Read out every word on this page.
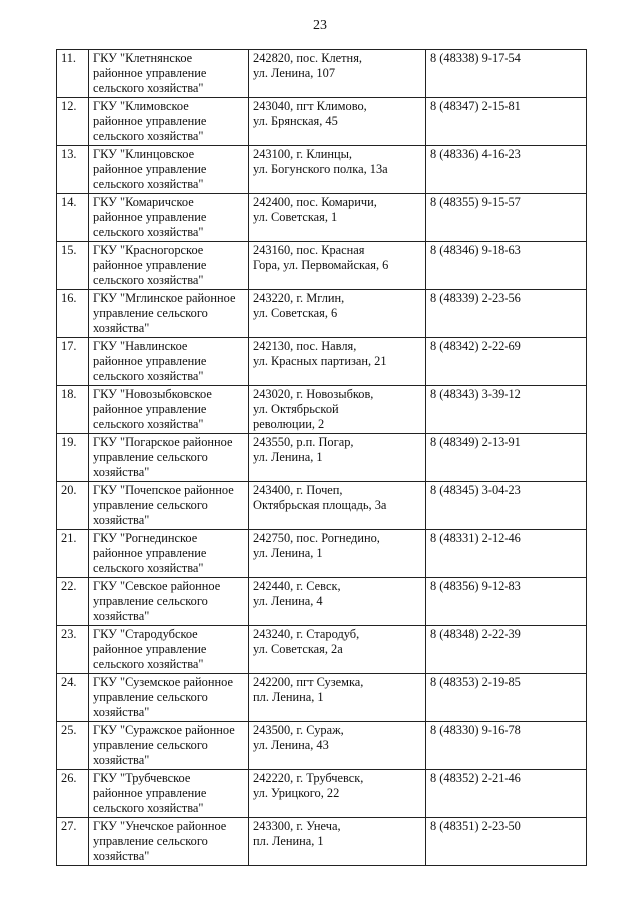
23
11.	ГКУ "Клетнянское
районное управление
сельского хозяйства"	242820, пос. Клетня,
ул. Ленина, 107	8 (48338) 9-17-54
12.	ГКУ "Климовское
районное управление
сельского хозяйства"	243040, пгт Климово,
ул. Брянская, 45	8 (48347) 2-15-81
13.	ГКУ "Клинцовское
районное управление
сельского хозяйства"	243100, г. Клинцы,
ул. Богунского полка, 13а	8 (48336) 4-16-23
14.	ГКУ "Комаричское
районное управление
сельского хозяйства"	242400, пос. Комаричи,
ул. Советская, 1	8 (48355) 9-15-57
15.	ГКУ "Красногорское
районное управление
сельского хозяйства"	243160, пос. Красная
Гора, ул. Первомайская, 6	8 (48346) 9-18-63
16.	ГКУ "Мглинское районное
управление сельского
хозяйства"	243220, г. Мглин,
ул. Советская, 6	8 (48339) 2-23-56
17.	ГКУ "Навлинское
районное управление
сельского хозяйства"	242130, пос. Навля,
ул. Красных партизан, 21	8 (48342) 2-22-69
18.	ГКУ "Новозыбковское
районное управление
сельского хозяйства"	243020, г. Новозыбков,
ул. Октябрьской
революции, 2	8 (48343) 3-39-12
19.	ГКУ "Погарское районное
управление сельского
хозяйства"	243550, р.п. Погар,
ул. Ленина, 1	8 (48349) 2-13-91
20.	ГКУ "Почепское районное
управление сельского
хозяйства"	243400, г. Почеп,
Октябрьская площадь, 3а	8 (48345) 3-04-23
21.	ГКУ "Рогнединское
районное управление
сельского хозяйства"	242750, пос. Рогнедино,
ул. Ленина, 1	8 (48331) 2-12-46
22.	ГКУ "Севское районное
управление сельского
хозяйства"	242440, г. Севск,
ул. Ленина, 4	8 (48356) 9-12-83
23.	ГКУ "Стародубское
районное управление
сельского хозяйства"	243240, г. Стародуб,
ул. Советская, 2а	8 (48348) 2-22-39
24.	ГКУ "Суземское районное
управление сельского
хозяйства"	242200, пгт Суземка,
пл. Ленина, 1	8 (48353) 2-19-85
25.	ГКУ "Суражское районное
управление сельского
хозяйства"	243500, г. Сураж,
ул. Ленина, 43	8 (48330) 9-16-78
26.	ГКУ "Трубчевское
районное управление
сельского хозяйства"	242220, г. Трубчевск,
ул. Урицкого, 22	8 (48352) 2-21-46
27.	ГКУ "Унечское районное
управление сельского
хозяйства"	243300, г. Унеча,
пл. Ленина, 1	8 (48351) 2-23-50
